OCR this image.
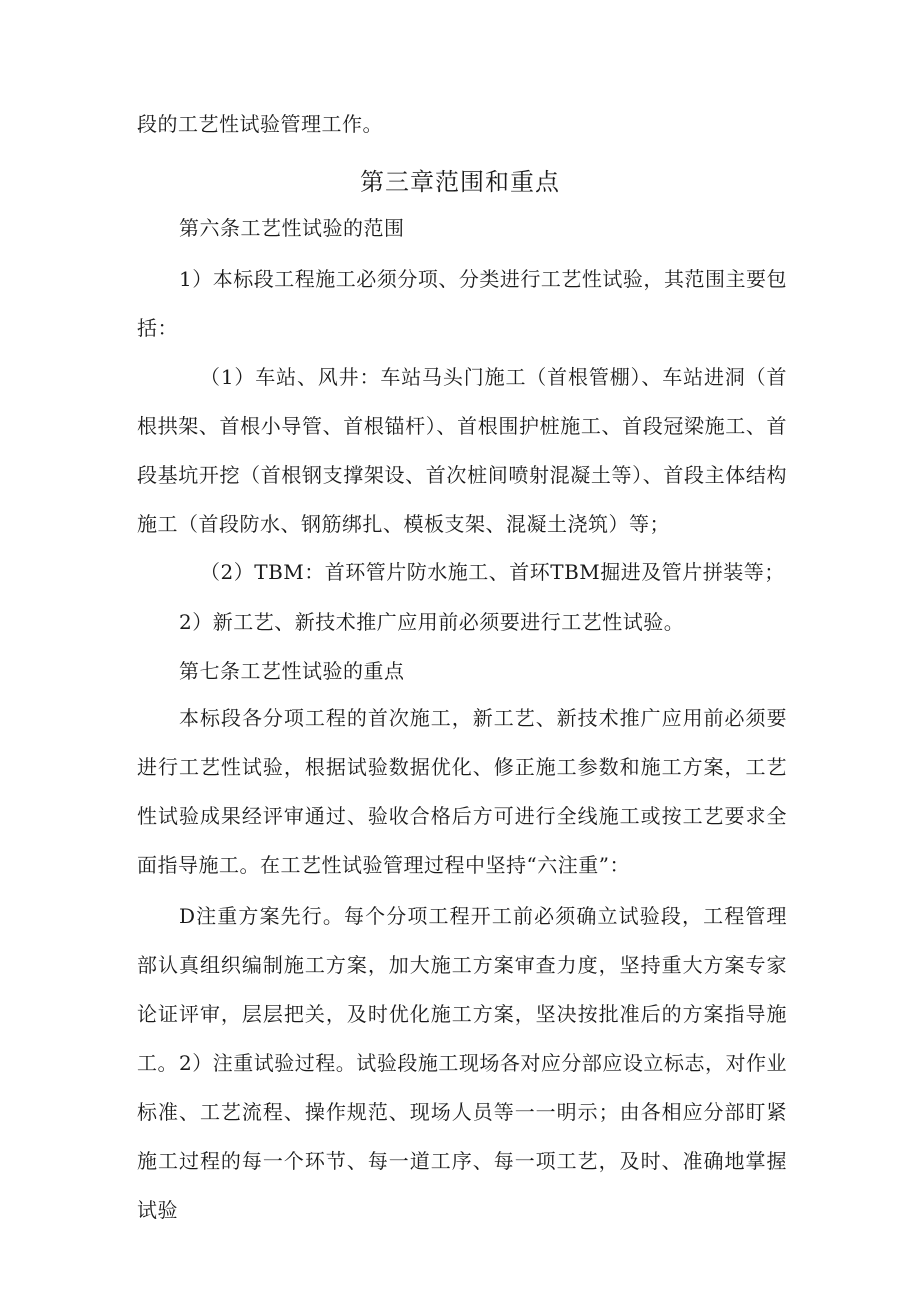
段的工艺性试验管理工作。

第三章范围和重点

第六条工艺性试验的范围

1）本标段工程施工必须分项、分类进行工艺性试验，其范围主要包括：

（1）车站、风井：车站马头门施工（首根管棚）、车站进洞（首根拱架、首根小导管、首根锚杆）、首根围护桩施工、首段冠梁施工、首段基坑开挖（首根钢支撑架设、首次桩间喷射混凝土等）、首段主体结构施工（首段防水、钢筋绑扎、模板支架、混凝土浇筑）等；

（2）TBM：首环管片防水施工、首环TBM掘进及管片拼装等；

2）新工艺、新技术推广应用前必须要进行工艺性试验。

第七条工艺性试验的重点

本标段各分项工程的首次施工，新工艺、新技术推广应用前必须要进行工艺性试验，根据试验数据优化、修正施工参数和施工方案，工艺性试验成果经评审通过、验收合格后方可进行全线施工或按工艺要求全面指导施工。在工艺性试验管理过程中坚持“六注重”：

D注重方案先行。每个分项工程开工前必须确立试验段，工程管理部认真组织编制施工方案，加大施工方案审查力度，坚持重大方案专家论证评审，层层把关，及时优化施工方案，坚决按批准后的方案指导施工。 2）注重试验过程。试验段施工现场各对应分部应设立标志，对作业标准、工艺流程、操作规范、现场人员等一一明示；由各相应分部盯紧施工过程的每一个环节、每一道工序、每一项工艺，及时、准确地掌握试验
